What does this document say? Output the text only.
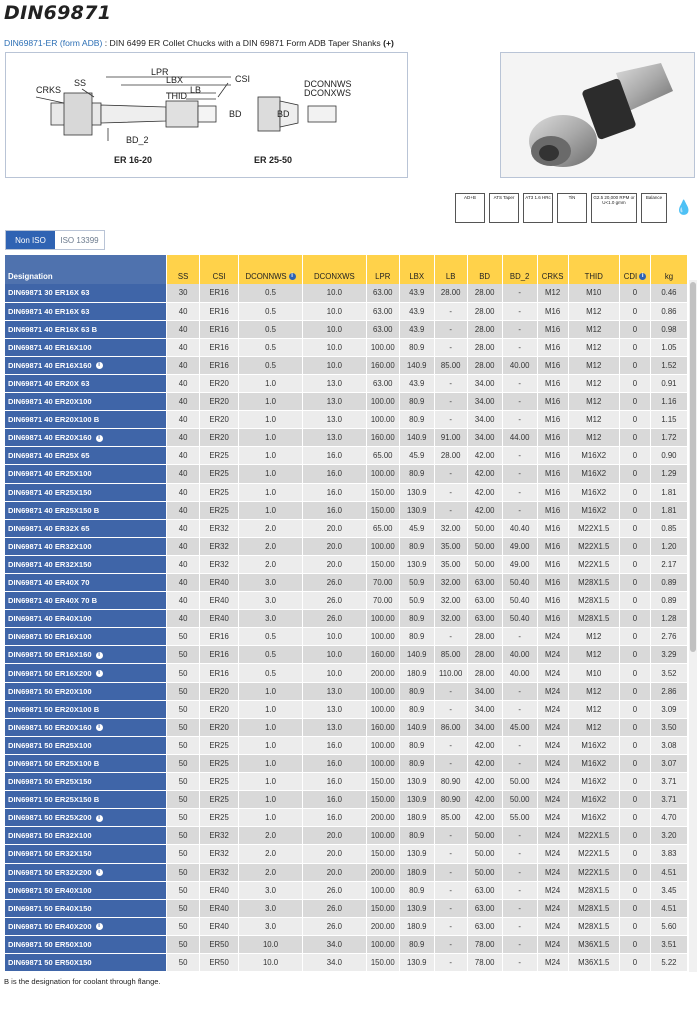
DIN69871
DIN69871-ER (form ADB) : DIN 6499 ER Collet Chucks with a DIN 69871 Form ADB Taper Shanks (+)
LPR
LBX	CSI
CRKS
SS
THID
LB
BD
BD_2
BD
DCONNWS
DCONXWS
ER 16-20	ER 25-50
AD+B	ATS Taper	AT3 1.6 HRc	TiN	G2.5 20,000 RPM or U<1.0 gmm
Balance
💧
Non ISO	ISO 13399
Designation	SS	CSI	DCONNWS i	DCONXWS	LPR	LBX	LB	BD	BD_2	CRKS	THID	CDI i	kg
DIN69871 30 ER16X 63	30	ER16	0.5	10.0	63.00	43.9	28.00	28.00	-	M12	M10	0	0.46
DIN69871 40 ER16X 63	40	ER16	0.5	10.0	63.00	43.9	-	28.00	-	M16	M12	0	0.86
DIN69871 40 ER16X 63 B	40	ER16	0.5	10.0	63.00	43.9	-	28.00	-	M16	M12	0	0.98
DIN69871 40 ER16X100	40	ER16	0.5	10.0	100.00	80.9	-	28.00	-	M16	M12	0	1.05
DIN69871 40 ER16X160 i	40	ER16	0.5	10.0	160.00	140.9	85.00	28.00	40.00	M16	M12	0	1.52
DIN69871 40 ER20X 63	40	ER20	1.0	13.0	63.00	43.9	-	34.00	-	M16	M12	0	0.91
DIN69871 40 ER20X100	40	ER20	1.0	13.0	100.00	80.9	-	34.00	-	M16	M12	0	1.16
DIN69871 40 ER20X100 B	40	ER20	1.0	13.0	100.00	80.9	-	34.00	-	M16	M12	0	1.15
DIN69871 40 ER20X160 i	40	ER20	1.0	13.0	160.00	140.9	91.00	34.00	44.00	M16	M12	0	1.72
DIN69871 40 ER25X 65	40	ER25	1.0	16.0	65.00	45.9	28.00	42.00	-	M16	M16X2	0	0.90
DIN69871 40 ER25X100	40	ER25	1.0	16.0	100.00	80.9	-	42.00	-	M16	M16X2	0	1.29
DIN69871 40 ER25X150	40	ER25	1.0	16.0	150.00	130.9	-	42.00	-	M16	M16X2	0	1.81
DIN69871 40 ER25X150 B	40	ER25	1.0	16.0	150.00	130.9	-	42.00	-	M16	M16X2	0	1.81
DIN69871 40 ER32X 65	40	ER32	2.0	20.0	65.00	45.9	32.00	50.00	40.40	M16	M22X1.5	0	0.85
DIN69871 40 ER32X100	40	ER32	2.0	20.0	100.00	80.9	35.00	50.00	49.00	M16	M22X1.5	0	1.20
DIN69871 40 ER32X150	40	ER32	2.0	20.0	150.00	130.9	35.00	50.00	49.00	M16	M22X1.5	0	2.17
DIN69871 40 ER40X 70	40	ER40	3.0	26.0	70.00	50.9	32.00	63.00	50.40	M16	M28X1.5	0	0.89
DIN69871 40 ER40X 70 B	40	ER40	3.0	26.0	70.00	50.9	32.00	63.00	50.40	M16	M28X1.5	0	0.89
DIN69871 40 ER40X100	40	ER40	3.0	26.0	100.00	80.9	32.00	63.00	50.40	M16	M28X1.5	0	1.28
DIN69871 50 ER16X100	50	ER16	0.5	10.0	100.00	80.9	-	28.00	-	M24	M12	0	2.76
DIN69871 50 ER16X160 i	50	ER16	0.5	10.0	160.00	140.9	85.00	28.00	40.00	M24	M12	0	3.29
DIN69871 50 ER16X200 i	50	ER16	0.5	10.0	200.00	180.9	110.00	28.00	40.00	M24	M10	0	3.52
DIN69871 50 ER20X100	50	ER20	1.0	13.0	100.00	80.9	-	34.00	-	M24	M12	0	2.86
DIN69871 50 ER20X100 B	50	ER20	1.0	13.0	100.00	80.9	-	34.00	-	M24	M12	0	3.09
DIN69871 50 ER20X160 i	50	ER20	1.0	13.0	160.00	140.9	86.00	34.00	45.00	M24	M12	0	3.50
DIN69871 50 ER25X100	50	ER25	1.0	16.0	100.00	80.9	-	42.00	-	M24	M16X2	0	3.08
DIN69871 50 ER25X100 B	50	ER25	1.0	16.0	100.00	80.9	-	42.00	-	M24	M16X2	0	3.07
DIN69871 50 ER25X150	50	ER25	1.0	16.0	150.00	130.9	80.90	42.00	50.00	M24	M16X2	0	3.71
DIN69871 50 ER25X150 B	50	ER25	1.0	16.0	150.00	130.9	80.90	42.00	50.00	M24	M16X2	0	3.71
DIN69871 50 ER25X200 i	50	ER25	1.0	16.0	200.00	180.9	85.00	42.00	55.00	M24	M16X2	0	4.70
DIN69871 50 ER32X100	50	ER32	2.0	20.0	100.00	80.9	-	50.00	-	M24	M22X1.5	0	3.20
DIN69871 50 ER32X150	50	ER32	2.0	20.0	150.00	130.9	-	50.00	-	M24	M22X1.5	0	3.83
DIN69871 50 ER32X200 i	50	ER32	2.0	20.0	200.00	180.9	-	50.00	-	M24	M22X1.5	0	4.51
DIN69871 50 ER40X100	50	ER40	3.0	26.0	100.00	80.9	-	63.00	-	M24	M28X1.5	0	3.45
DIN69871 50 ER40X150	50	ER40	3.0	26.0	150.00	130.9	-	63.00	-	M24	M28X1.5	0	4.51
DIN69871 50 ER40X200 i	50	ER40	3.0	26.0	200.00	180.9	-	63.00	-	M24	M28X1.5	0	5.60
DIN69871 50 ER50X100	50	ER50	10.0	34.0	100.00	80.9	-	78.00	-	M24	M36X1.5	0	3.51
DIN69871 50 ER50X150	50	ER50	10.0	34.0	150.00	130.9	-	78.00	-	M24	M36X1.5	0	5.22
B is the designation for coolant through flange.
